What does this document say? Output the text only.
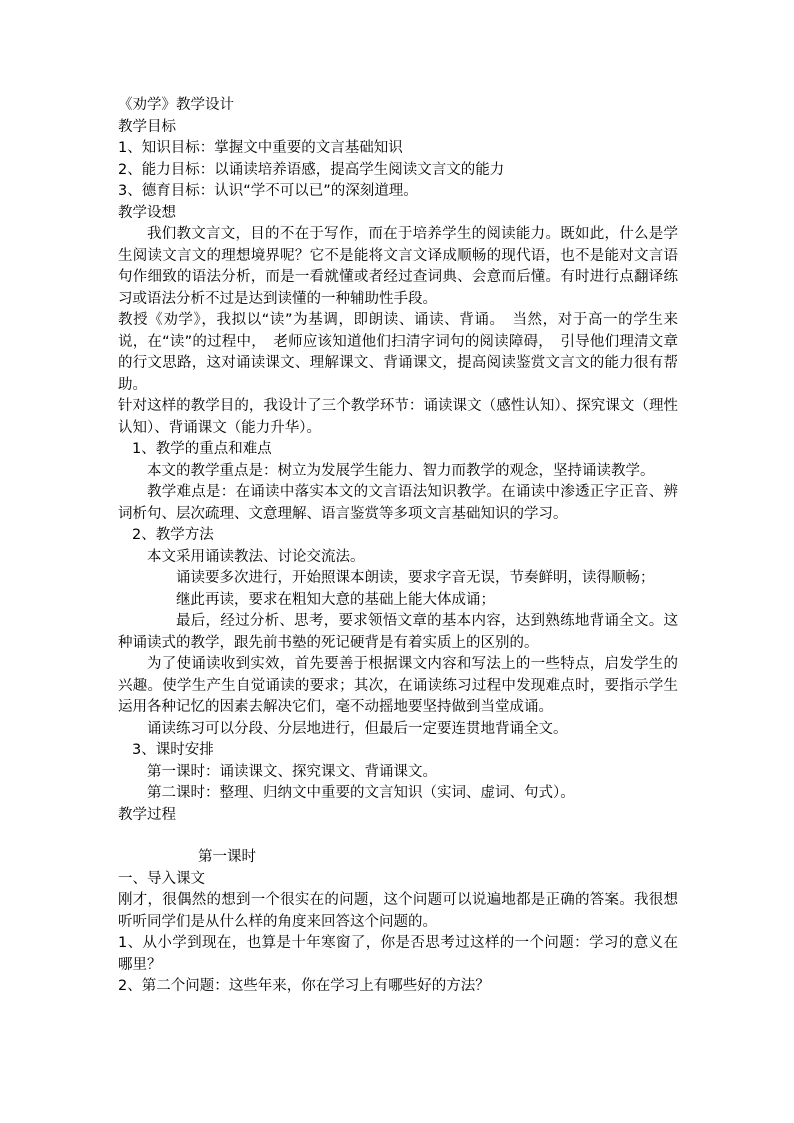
《劝学》教学设计

教学目标

1、知识目标：掌握文中重要的文言基础知识

2、能力目标：以诵读培养语感，提高学生阅读文言文的能力

3、德育目标：认识“学不可以已”的深刻道理。

教学设想

我们教文言文，目的不在于写作，而在于培养学生的阅读能力。既如此，什么是学生阅读文言文的理想境界呢？它不是能将文言文译成顺畅的现代语，也不是能对文言语句作细致的语法分析，而是一看就懂或者经过查词典、会意而后懂。有时进行点翻译练习或语法分析不过是达到读懂的一种辅助性手段。

教授《劝学》，我拟以“读”为基调，即朗读、诵读、背诵。　当然，对于高一的学生来说，在“读”的过程中，　老师应该知道他们扫清字词句的阅读障碍，　引导他们理清文章的行文思路，这对诵读课文、理解课文、背诵课文，提高阅读鉴赏文言文的能力很有帮助。

针对这样的教学目的，我设计了三个教学环节：诵读课文（感性认知）、探究课文（理性认知）、背诵课文（能力升华）。

1、教学的重点和难点

本文的教学重点是：树立为发展学生能力、智力而教学的观念，坚持诵读教学。

教学难点是：在诵读中落实本文的文言语法知识教学。在诵读中渗透正字正音、辨词析句、层次疏理、文意理解、语言鉴赏等多项文言基础知识的学习。

2、教学方法

本文采用诵读教法、讨论交流法。

诵读要多次进行，开始照课本朗读，要求字音无误，节奏鲜明，读得顺畅；

继此再读，要求在粗知大意的基础上能大体成诵；

最后，经过分析、思考，要求领悟文章的基本内容，达到熟练地背诵全文。这种诵读式的教学，跟先前书塾的死记硬背是有着实质上的区别的。

为了使诵读收到实效，首先要善于根据课文内容和写法上的一些特点，启发学生的兴趣。使学生产生自觉诵读的要求；其次，在诵读练习过程中发现难点时，要指示学生运用各种记忆的因素去解决它们，毫不动摇地要坚持做到当堂成诵。

诵读练习可以分段、分层地进行，但最后一定要连贯地背诵全文。

3、课时安排

第一课时：诵读课文、探究课文、背诵课文。

第二课时：整理、归纳文中重要的文言知识（实词、虚词、句式）。

教学过程

第一课时

一、导入课文

刚才，很偶然的想到一个很实在的问题，这个问题可以说遍地都是正确的答案。我很想听听同学们是从什么样的角度来回答这个问题的。

1、从小学到现在，也算是十年寒窗了，你是否思考过这样的一个问题：学习的意义在哪里？

2、第二个问题：这些年来，你在学习上有哪些好的方法？
